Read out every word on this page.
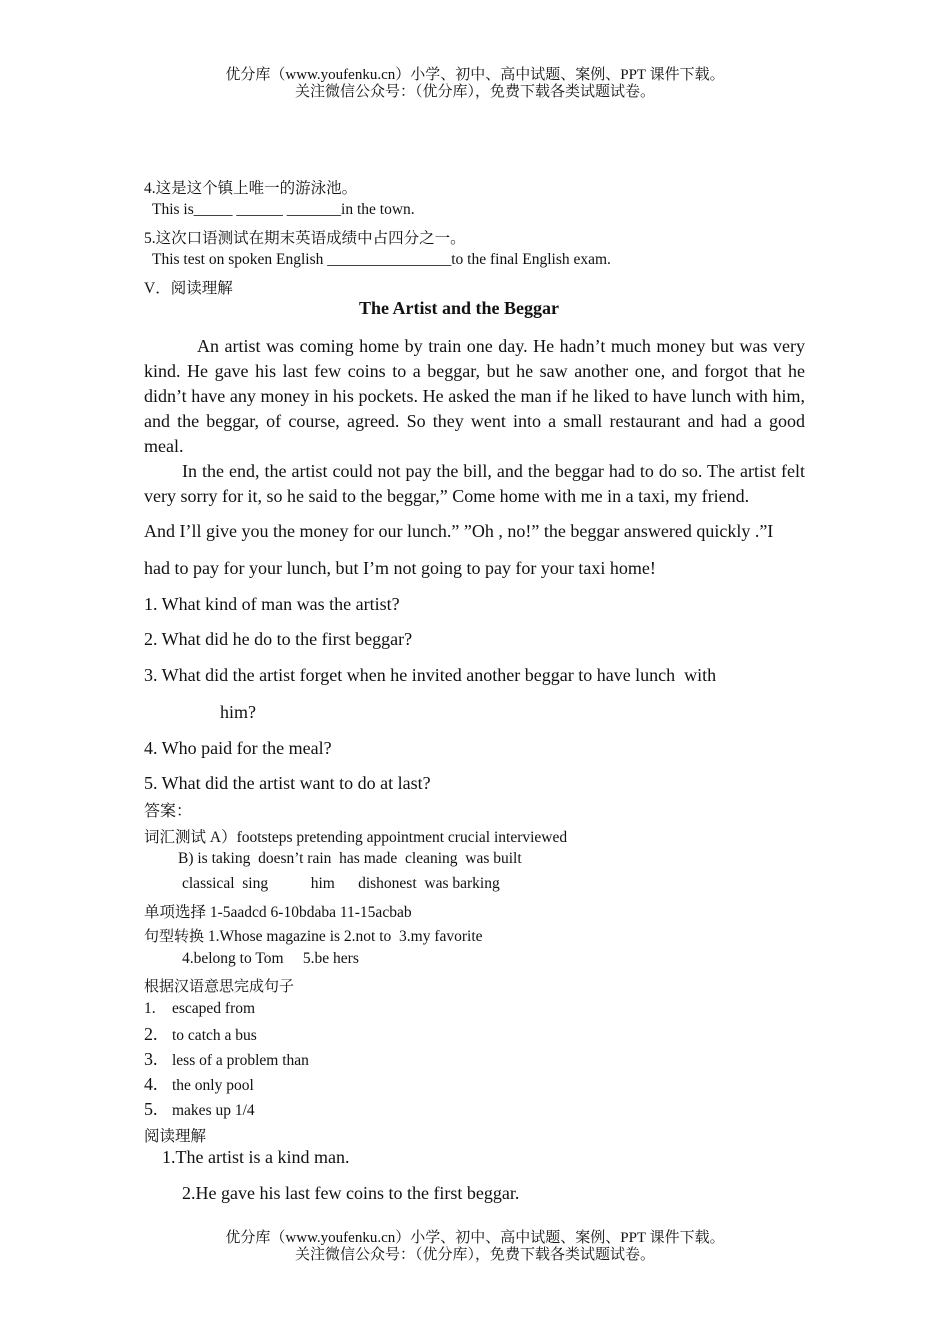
优分库（www.youfenku.cn）小学、初中、高中试题、案例、PPT 课件下载。
关注微信公众号：（优分库），免费下载各类试题试卷。
4.这是这个镇上唯一的游泳池。
This is_____ ______ _______in the town.
5.这次口语测试在期末英语成绩中占四分之一。
This test on spoken English ________________to the final English exam.
V．阅读理解
The Artist and the Beggar
An artist was coming home by train one day. He hadn’t much money but was very kind. He gave his last few coins to a beggar, but he saw another one, and forgot that he didn’t have any money in his pockets. He asked the man if he liked to have lunch with him, and the beggar, of course, agreed. So they went into a small restaurant and had a good meal.
In the end, the artist could not pay the bill, and the beggar had to do so. The artist felt very sorry for it, so he said to the beggar,” Come home with me in a taxi, my friend.
And I’ll give you the money for our lunch.” ”Oh , no!” the beggar answered quickly .”I
had to pay for your lunch, but I’m not going to pay for your taxi home!
1. What kind of man was the artist?
2. What did he do to the first beggar?
3. What did the artist forget when he invited another beggar to have lunch  with
him?
4. Who paid for the meal?
5. What did the artist want to do at last?
答案：
词汇测试 A）footsteps pretending appointment crucial interviewed
B) is taking  doesn’t rain  has made  cleaning  was built
classical  sing           him      dishonest  was barking
单项选择 1-5aadcd 6-10bdaba 11-15acbab
句型转换 1.Whose magazine is 2.not to  3.my favorite
4.belong to Tom     5.be hers
根据汉语意思完成句子
1. escaped from
2. to catch a bus
3. less of a problem than
4. the only pool
5. makes up 1/4
阅读理解
1.The artist is a kind man.
2.He gave his last few coins to the first beggar.
优分库（www.youfenku.cn）小学、初中、高中试题、案例、PPT 课件下载。
关注微信公众号：（优分库），免费下载各类试题试卷。
